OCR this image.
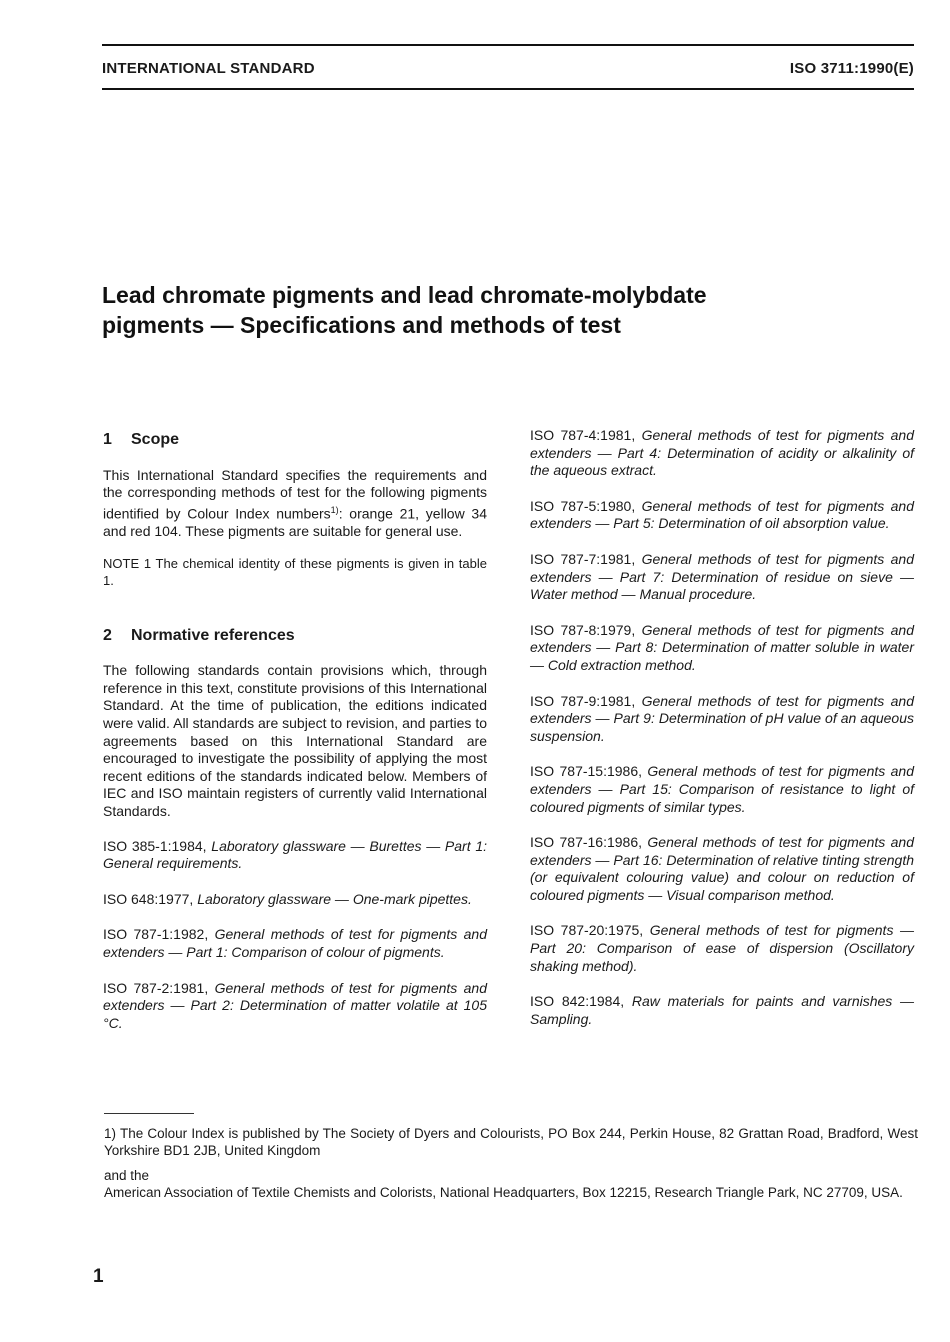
INTERNATIONAL STANDARD	ISO 3711:1990(E)
Lead chromate pigments and lead chromate-molybdate
pigments — Specifications and methods of test
1 Scope

This International Standard specifies the requirements and the corresponding methods of test for the following pigments identified by Colour Index numbers$^{1)}$: orange 21, yellow 34 and red 104. These pigments are suitable for general use.

NOTE 1 The chemical identity of these pigments is given in table 1.

2 Normative references

The following standards contain provisions which, through reference in this text, constitute provisions of this International Standard. At the time of publication, the editions indicated were valid. All standards are subject to revision, and parties to agreements based on this International Standard are encouraged to investigate the possibility of applying the most recent editions of the standards indicated below. Members of IEC and ISO maintain registers of currently valid International Standards.

ISO 385-1:1984, Laboratory glassware — Burettes — Part 1: General requirements.

ISO 648:1977, Laboratory glassware — One-mark pipettes.

ISO 787-1:1982, General methods of test for pigments and extenders — Part 1: Comparison of colour of pigments.

ISO 787-2:1981, General methods of test for pigments and extenders — Part 2: Determination of matter volatile at 105 °C.

ISO 787-4:1981, General methods of test for pigments and extenders — Part 4: Determination of acidity or alkalinity of the aqueous extract.

ISO 787-5:1980, General methods of test for pigments and extenders — Part 5: Determination of oil absorption value.

ISO 787-7:1981, General methods of test for pigments and extenders — Part 7: Determination of residue on sieve — Water method — Manual procedure.

ISO 787-8:1979, General methods of test for pigments and extenders — Part 8: Determination of matter soluble in water — Cold extraction method.

ISO 787-9:1981, General methods of test for pigments and extenders — Part 9: Determination of pH value of an aqueous suspension.

ISO 787-15:1986, General methods of test for pigments and extenders — Part 15: Comparison of resistance to light of coloured pigments of similar types.

ISO 787-16:1986, General methods of test for pigments and extenders — Part 16: Determination of relative tinting strength (or equivalent colouring value) and colour on reduction of coloured pigments — Visual comparison method.

ISO 787-20:1975, General methods of test for pigments — Part 20: Comparison of ease of dispersion (Oscillatory shaking method).

ISO 842:1984, Raw materials for paints and varnishes — Sampling.

1) The Colour Index is published by The Society of Dyers and Colourists, PO Box 244, Perkin House, 82 Grattan Road, Bradford, West Yorkshire BD1 2JB, United Kingdom

and the

American Association of Textile Chemists and Colorists, National Headquarters, Box 12215, Research Triangle Park, NC 27709, USA.

1
